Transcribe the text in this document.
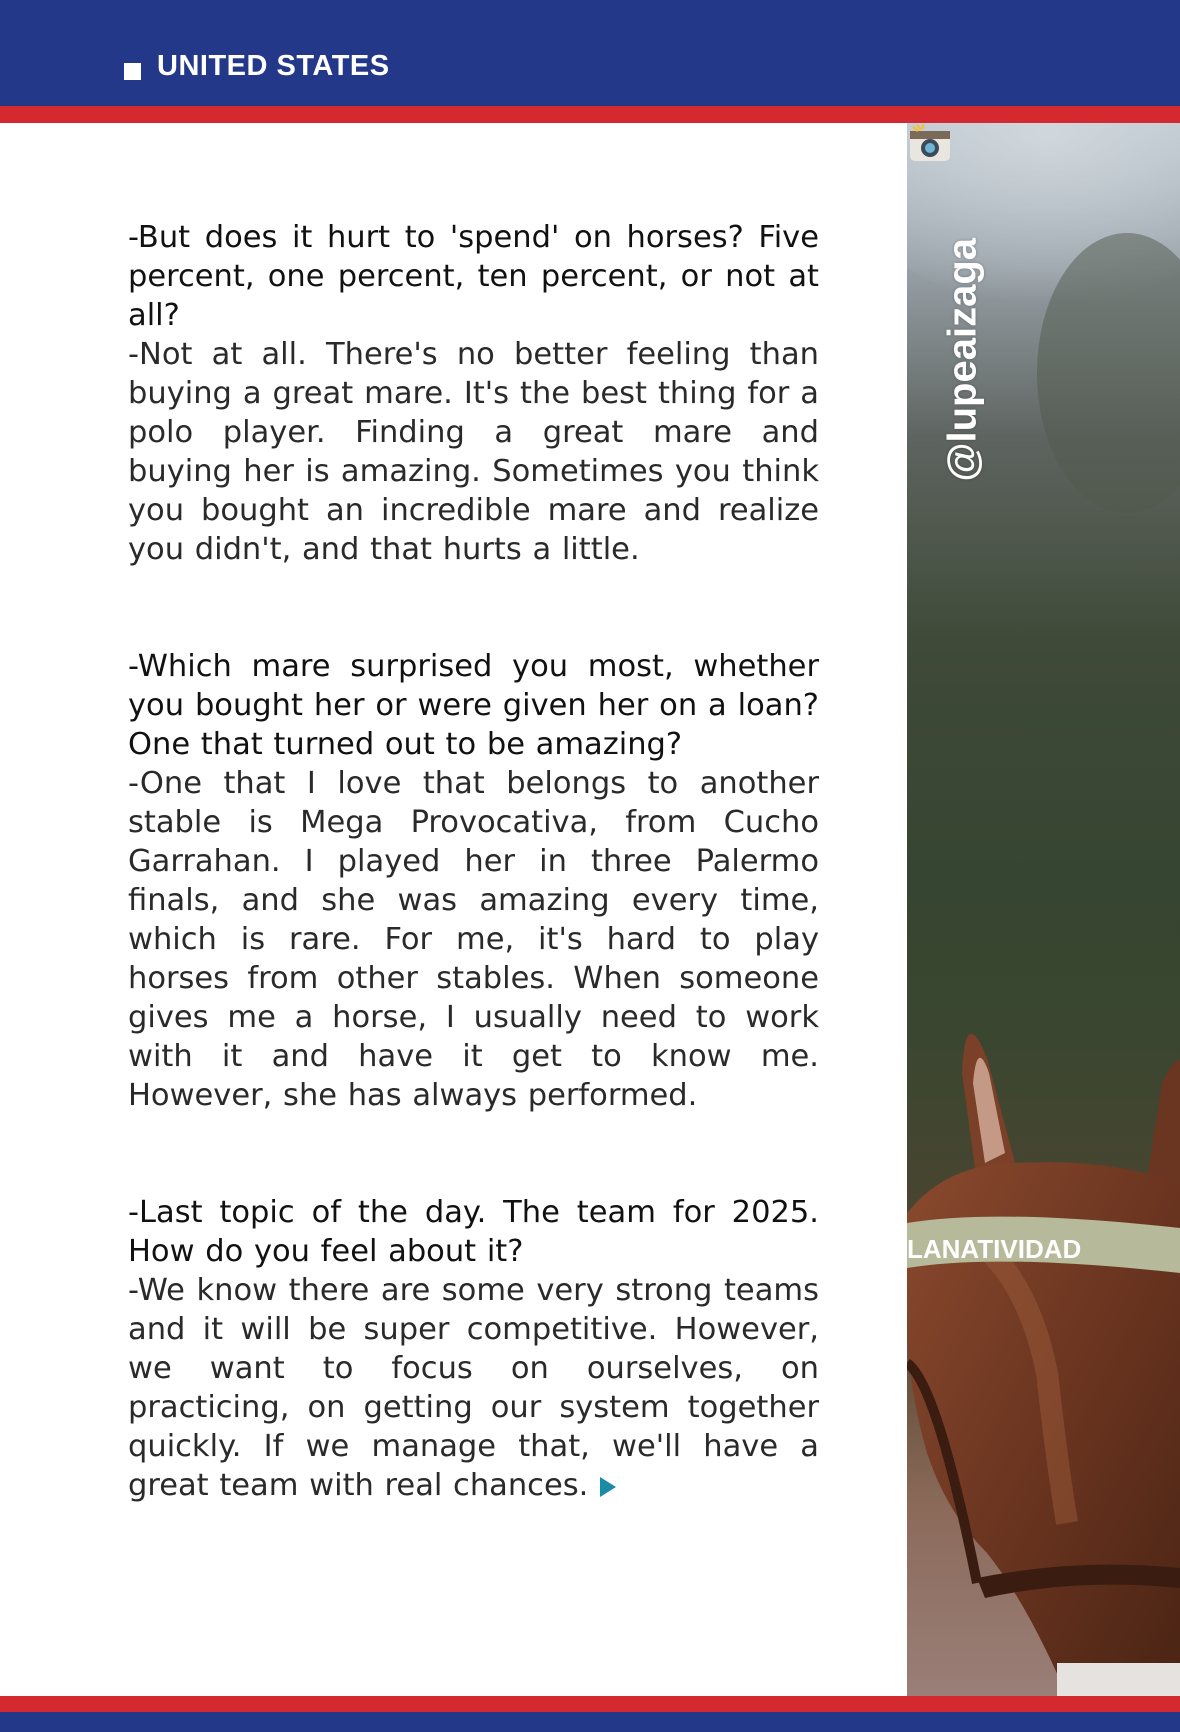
UNITED STATES
LANATIVIDAD
@lupeaizaga

-But does it hurt to 'spend' on horses? Five percent, one percent, ten percent, or not at all?

-Not at all. There's no better feeling than buying a great mare. It's the best thing for a polo player. Finding a great mare and buying her is amazing. Sometimes you think you bought an incredible mare and realize you didn't, and that hurts a little.

-Which mare surprised you most, whether you bought her or were given her on a loan? One that turned out to be amazing?

-One that I love that belongs to another stable is Mega Provocativa, from Cucho Garrahan. I played her in three Palermo finals, and she was amazing every time, which is rare. For me, it's hard to play horses from other stables. When someone gives me a horse, I usually need to work with it and have it get to know me. However, she has always performed.

-Last topic of the day. The team for 2025. How do you feel about it?

-We know there are some very strong teams and it will be super competitive. However, we want to focus on ourselves, on practicing, on getting our system together quickly. If we manage that, we'll have a great team with real chances.
